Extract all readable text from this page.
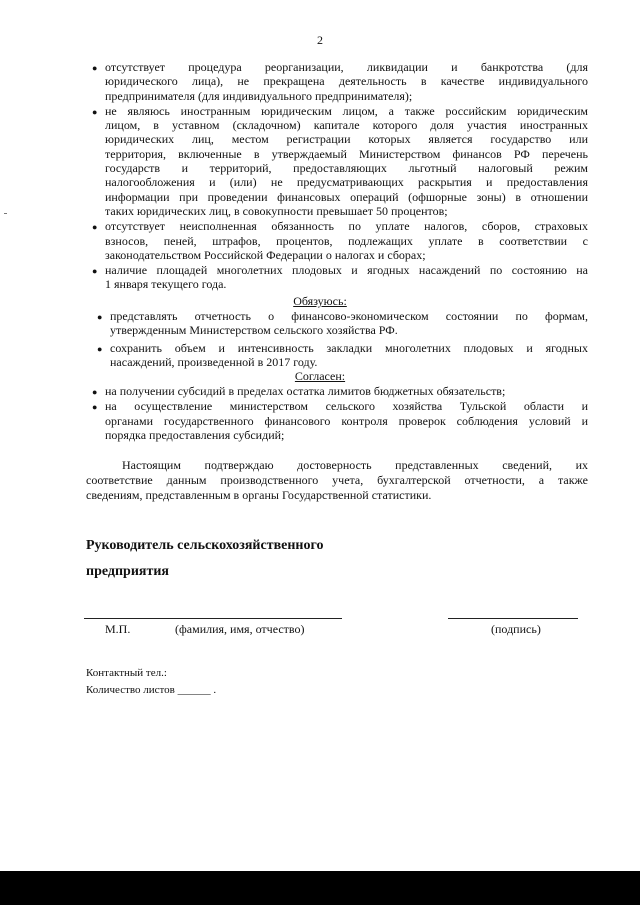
2
● отсутствует процедура реорганизации, ликвидации и банкротства (для
юридического лица), не прекращена деятельность в качестве индивидуального
предпринимателя (для индивидуального предпринимателя);
● не являюсь иностранным юридическим лицом, а также российским юридическим
лицом, в уставном (складочном) капитале которого доля участия иностранных
юридических лиц, местом регистрации которых является государство или
территория, включенные в утверждаемый Министерством финансов РФ перечень
государств и территорий, предоставляющих льготный налоговый режим
налогообложения и (или) не предусматривающих раскрытия и предоставления
информации при проведении финансовых операций (офшорные зоны) в отношении
таких юридических лиц, в совокупности превышает 50 процентов;
● отсутствует неисполненная обязанность по уплате налогов, сборов, страховых
взносов, пеней, штрафов, процентов, подлежащих уплате в соответствии с
законодательством Российской Федерации о налогах и сборах;
● наличие площадей многолетних плодовых и ягодных насаждений по состоянию на
1 января текущего года.
Обязуюсь:
● представлять отчетность о финансово-экономическом состоянии по формам,
утвержденным Министерством сельского хозяйства РФ.
● сохранить объем и интенсивность закладки многолетних плодовых и ягодных
насаждений, произведенной в 2017 году.
Согласен:
● на получении субсидий в пределах остатка лимитов бюджетных обязательств;
● на осуществление министерством сельского хозяйства Тульской области и
органами государственного финансового контроля проверок соблюдения условий и
порядка предоставления субсидий;
Настоящим подтверждаю достоверность представленных сведений, их
соответствие данным производственного учета, бухгалтерской отчетности, а также
сведениям, представленным в органы Государственной статистики.
Руководитель сельскохозяйственного
предприятия
М.П.	(фамилия, имя, отчество)	(подпись)
Контактный тел.:
Количество листов ______ .
